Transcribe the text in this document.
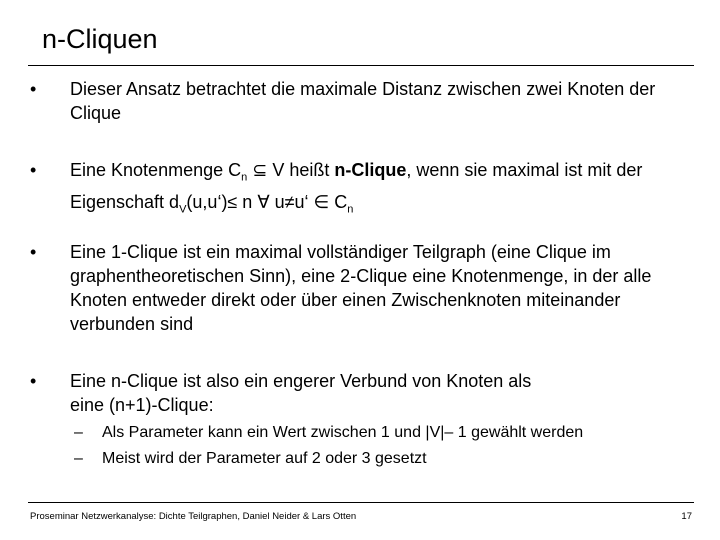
n-Cliquen
• Dieser Ansatz betrachtet die maximale Distanz zwischen zwei Knoten der Clique
• Eine Knotenmenge $C_n$ ⊆ V heißt n-Clique, wenn sie maximal ist mit der Eigenschaft $d_V(u,u‘)\le n$ ∀ u≠u‘ ∈ $C_n$
• Eine 1-Clique ist ein maximal vollständiger Teilgraph (eine Clique im graphentheoretischen Sinn), eine 2-Clique eine Knotenmenge, in der alle Knoten entweder direkt oder über einen Zwischenknoten miteinander verbunden sind
• Eine n-Clique ist also ein engerer Verbund von Knoten als eine (n+1)-Clique:
– Als Parameter kann ein Wert zwischen 1 und |V|– 1 gewählt werden
– Meist wird der Parameter auf 2 oder 3 gesetzt
Proseminar Netzwerkanalyse: Dichte Teilgraphen, Daniel Neider & Lars Otten	17
